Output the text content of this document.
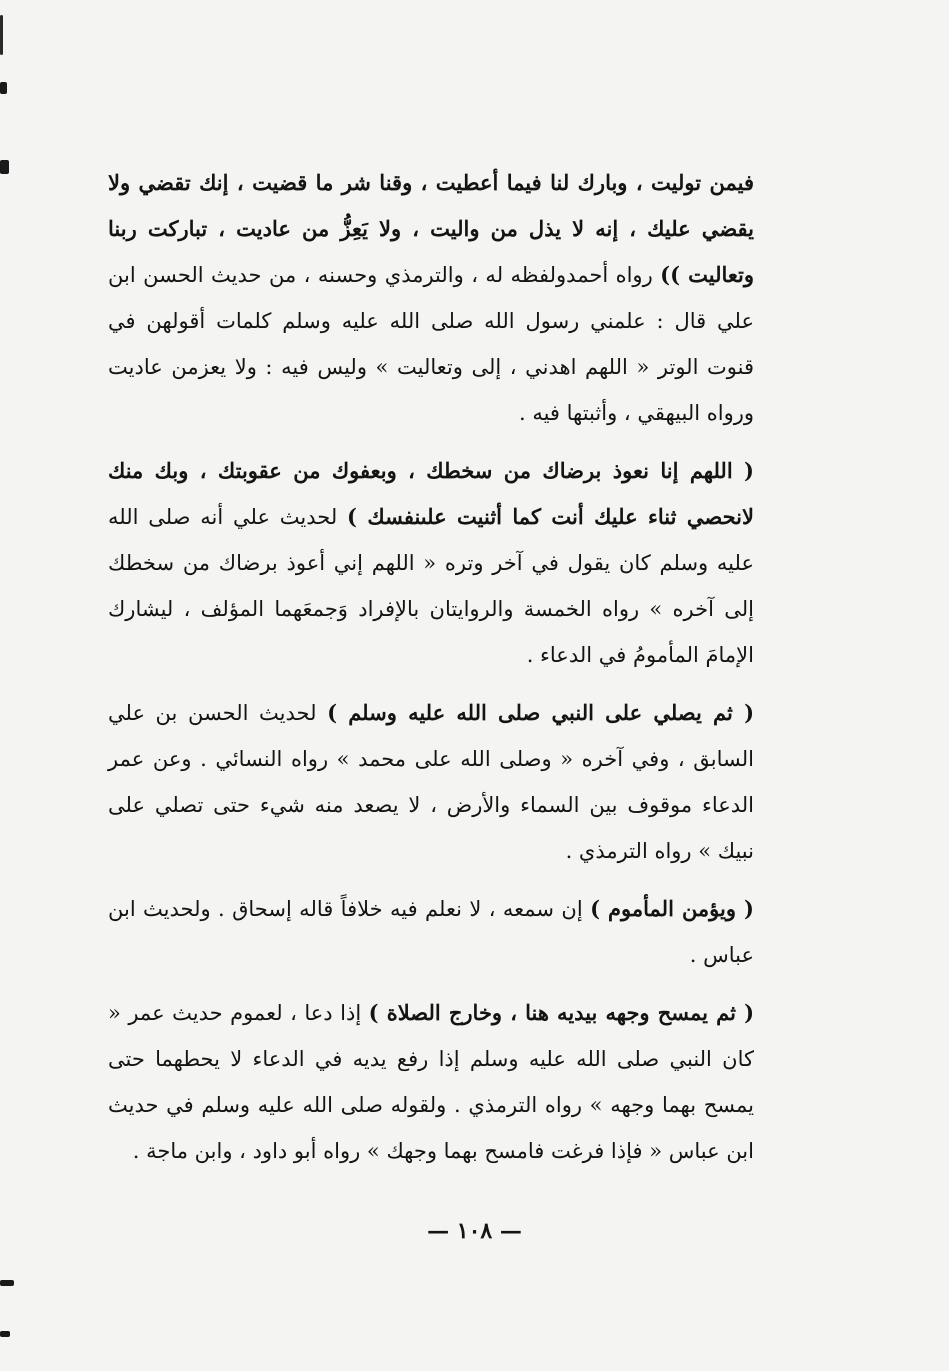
فيمن توليت ، وبارك لنا فيما أعطيت ، وقنا شر ما قضيت ، إنك تقضي ولا يقضي عليك ، إنه لا يذل من واليت ، ولا يَعِزُّ من عاديت ، تباركت ربنا وتعاليت )) رواه أحمدولفظه له ، والترمذي وحسنه ، من حديث الحسن ابن علي قال : علمني رسول الله صلى الله عليه وسلم كلمات أقولهن في قنوت الوتر « اللهم اهدني ، إلى وتعاليت » وليس فيه : ولا يعزمن عاديت ورواه البيهقي ، وأثبتها فيه .

( اللهم إنا نعوذ برضاك من سخطك ، وبعفوك من عقوبتك ، وبك منك لانحصي ثناء عليك أنت كما أثنيت علىنفسك ) لحديث علي أنه صلى الله عليه وسلم كان يقول في آخر وتره « اللهم إني أعوذ برضاك من سخطك إلى آخره » رواه الخمسة والروايتان بالإفراد وَجمعَهما المؤلف ، ليشارك الإمامَ المأمومُ في الدعاء .

( ثم يصلي على النبي صلى الله عليه وسلم ) لحديث الحسن بن علي السابق ، وفي آخره « وصلى الله على محمد » رواه النسائي . وعن عمر الدعاء موقوف بين السماء والأرض ، لا يصعد منه شيء حتى تصلي على نبيك » رواه الترمذي .

( ويؤمن المأموم ) إن سمعه ، لا نعلم فيه خلافاً قاله إسحاق . ولحديث ابن عباس .

( ثم يمسح وجهه بيديه هنا ، وخارج الصلاة ) إذا دعا ، لعموم حديث عمر « كان النبي صلى الله عليه وسلم إذا رفع يديه في الدعاء لا يحطهما حتى يمسح بهما وجهه » رواه الترمذي . ولقوله صلى الله عليه وسلم في حديث ابن عباس « فإذا فرغت فامسح بهما وجهك » رواه أبو داود ، وابن ماجة .

— ١٠٨ —
